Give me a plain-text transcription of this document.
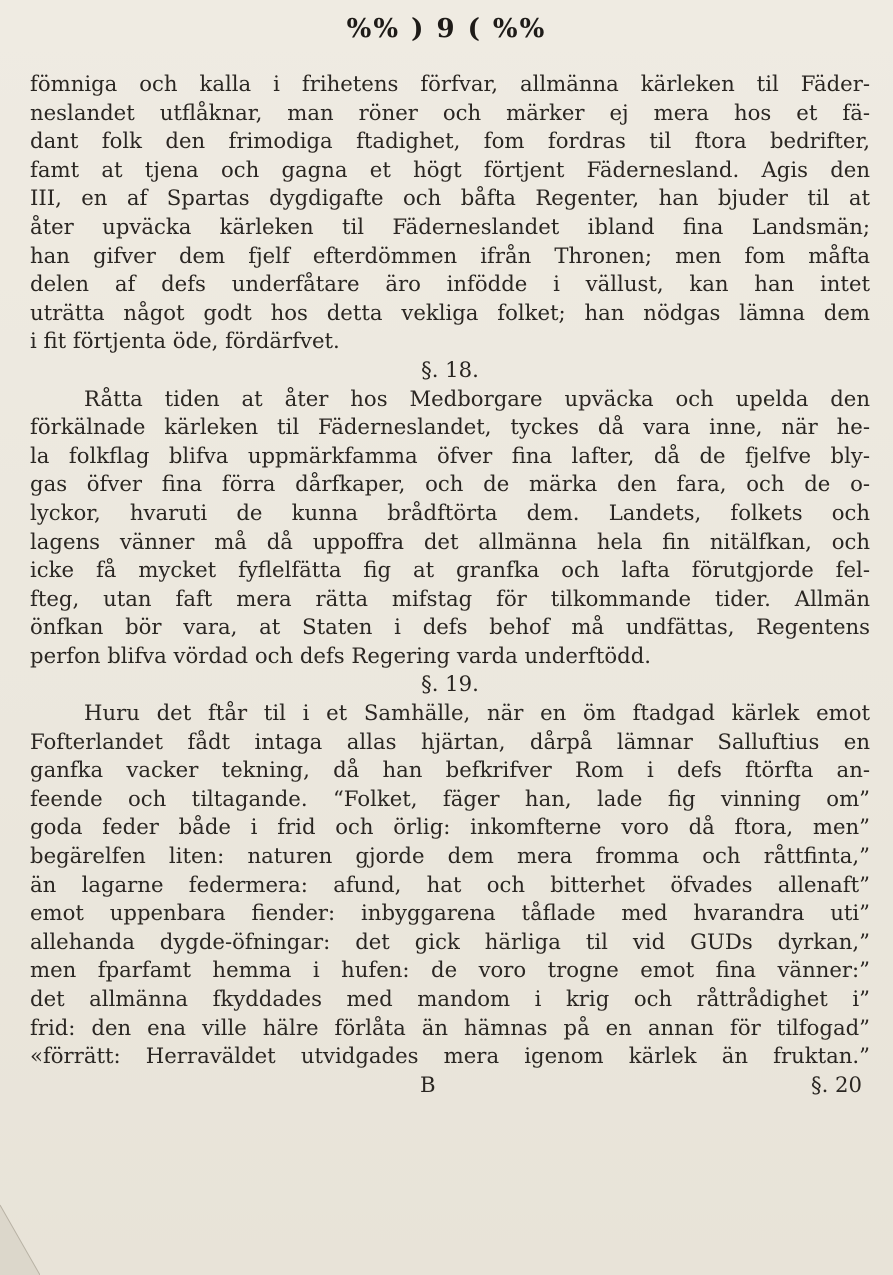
%% ) 9 ( %%
fömniga och kalla i frihetens förfvar, allmänna kärleken til Fäder-
neslandet utflåknar, man röner och märker ej mera hos et fä-
dant folk den frimodiga ftadighet, fom fordras til ftora bedrifter,
famt at tjena och gagna et högt förtjent Fädernesland. Agis den
III, en af Spartas dygdigafte och båfta Regenter, han bjuder til at
åter upväcka kärleken til Fäderneslandet ibland fina Landsmän;
han gifver dem fjelf efterdömmen ifrån Thronen; men fom måfta
delen af defs underfåtare äro infödde i vällust, kan han intet
uträtta något godt hos detta vekliga folket; han nödgas lämna dem
i fit förtjenta öde, fördärfvet.
§. 18.
Råtta tiden at åter hos Medborgare upväcka och upelda den
förkälnade kärleken til Fäderneslandet, tyckes då vara inne, när he-
la folkflag blifva uppmärkfamma öfver fina lafter, då de fjelfve bly-
gas öfver fina förra dårfkaper, och de märka den fara, och de o-
lyckor, hvaruti de kunna brådftörta dem. Landets, folkets och
lagens vänner må då uppoffra det allmänna hela fin nitälfkan, och
icke få mycket fyflelfätta fig at granfka och lafta förutgjorde fel-
fteg, utan faft mera rätta mifstag för tilkommande tider. Allmän
önfkan bör vara, at Staten i defs behof må undfättas, Regentens
perfon blifva vördad och defs Regering varda underftödd.
§. 19.
Huru det ftår til i et Samhälle, när en öm ftadgad kärlek emot
Fofterlandet fådt intaga allas hjärtan, dårpå lämnar Salluftius en
ganfka vacker tekning, då han befkrifver Rom i defs ftörfta an-
feende och tiltagande. “Folket, fäger han, lade fig vinning om”
goda feder både i frid och örlig: inkomfterne voro då ftora, men”
begärelfen liten: naturen gjorde dem mera fromma och råttfinta,”
än lagarne federmera: afund, hat och bitterhet öfvades allenaft”
emot uppenbara fiender: inbyggarena tåflade med hvarandra uti”
allehanda dygde-öfningar: det gick härliga til vid GUDs dyrkan,”
men fparfamt hemma i hufen: de voro trogne emot fina vänner:”
det allmänna fkyddades med mandom i krig och råttrådighet i”
frid: den ena ville hälre förlåta än hämnas på en annan för tilfogad”
«förrätt: Herraväldet utvidgades mera igenom kärlek än fruktan.”
B	§. 20
